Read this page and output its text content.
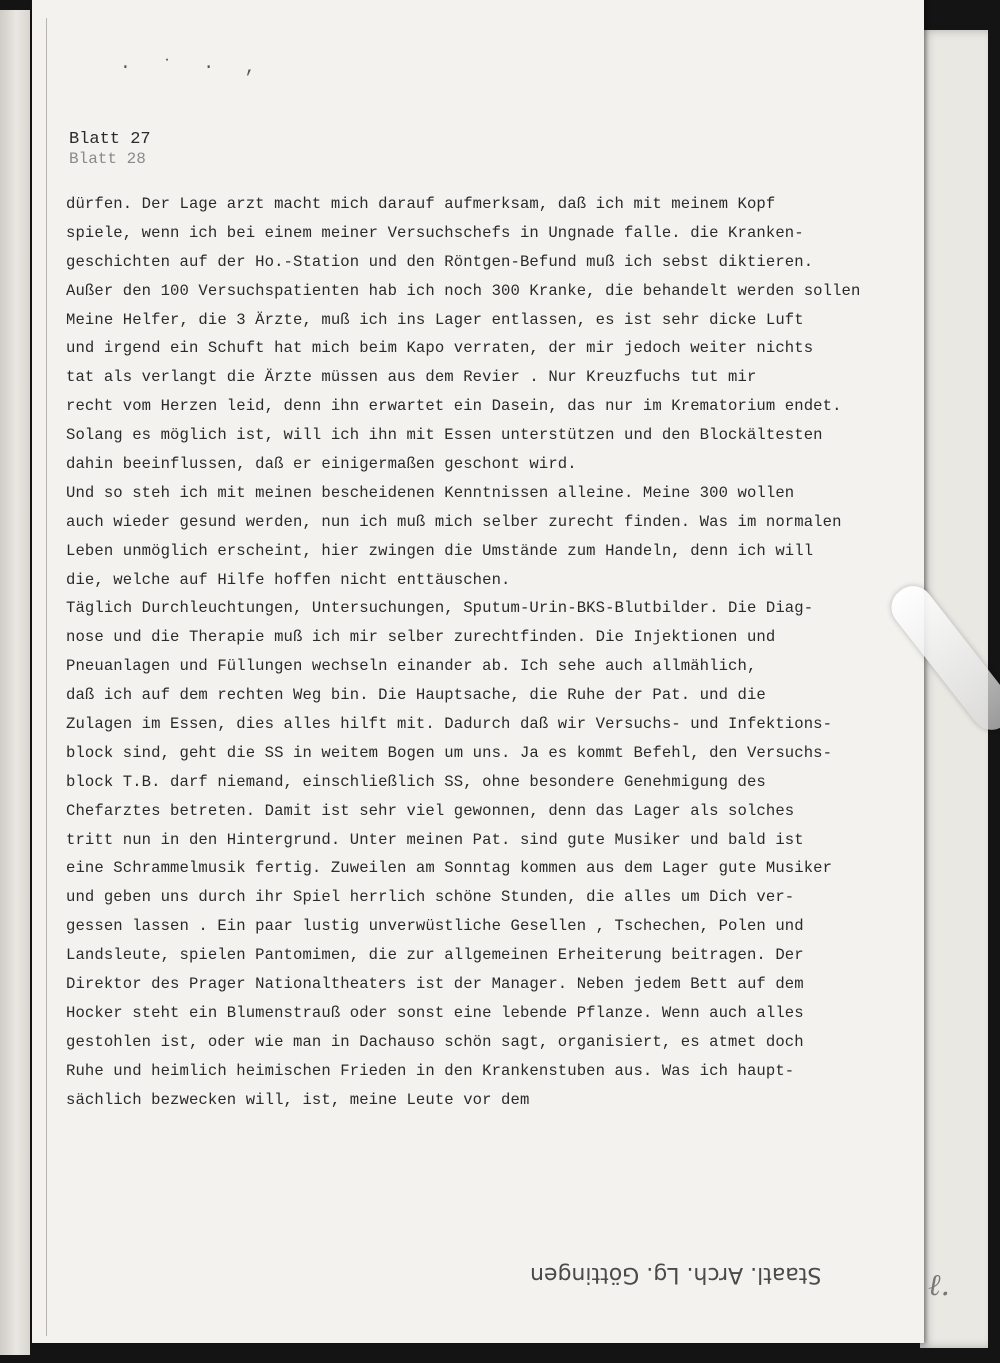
· ˙ · ,
Blatt 27
Blatt 28
dürfen. Der Lage arzt macht mich darauf aufmerksam, daß ich mit meinem Kopf
spiele, wenn ich bei einem meiner Versuchschefs in Ungnade falle. die Kranken-
geschichten auf der Ho.-Station und den Röntgen-Befund muß ich sebst diktieren.
Außer den 100 Versuchspatienten hab ich noch 300 Kranke, die behandelt werden sollen
Meine Helfer, die 3 Ärzte, muß ich ins Lager entlassen, es ist sehr dicke Luft
und irgend ein Schuft hat mich beim Kapo verraten, der mir jedoch weiter nichts
tat als verlangt die Ärzte müssen aus dem Revier . Nur Kreuzfuchs tut mir
recht vom Herzen leid, denn ihn erwartet ein Dasein, das nur im Krematorium endet.
Solang es möglich ist, will ich ihn mit Essen unterstützen und den Blockältesten
dahin beeinflussen, daß er einigermaßen geschont wird.
Und so steh ich mit meinen bescheidenen Kenntnissen alleine. Meine 300 wollen
auch wieder gesund werden, nun ich muß mich selber zurecht finden. Was im normalen
Leben unmöglich erscheint, hier zwingen die Umstände zum Handeln, denn ich will
die, welche auf Hilfe hoffen nicht enttäuschen.
Täglich Durchleuchtungen, Untersuchungen, Sputum-Urin-BKS-Blutbilder. Die Diag-
nose und die Therapie muß ich mir selber zurechtfinden. Die Injektionen und
Pneuanlagen und Füllungen wechseln einander ab. Ich sehe auch allmählich,
daß ich auf dem rechten Weg bin. Die Hauptsache, die Ruhe der Pat. und die
Zulagen im Essen, dies alles hilft mit. Dadurch daß wir Versuchs- und Infektions-
block sind, geht die SS in weitem Bogen um uns. Ja es kommt Befehl, den Versuchs-
block T.B. darf niemand, einschließlich SS, ohne besondere Genehmigung des
Chefarztes betreten. Damit ist sehr viel gewonnen, denn das Lager als solches
tritt nun in den Hintergrund. Unter meinen Pat. sind gute Musiker und bald ist
eine Schrammelmusik fertig. Zuweilen am Sonntag kommen aus dem Lager gute Musiker
und geben uns durch ihr Spiel herrlich schöne Stunden, die alles um Dich ver-
gessen lassen . Ein paar lustig unverwüstliche Gesellen , Tschechen, Polen und
Landsleute, spielen Pantomimen, die zur allgemeinen Erheiterung beitragen. Der
Direktor des Prager Nationaltheaters ist der Manager. Neben jedem Bett auf dem
Hocker steht ein Blumenstrauß oder sonst eine lebende Pflanze. Wenn auch alles
gestohlen ist, oder wie man in Dachauso schön sagt, organisiert, es atmet doch
Ruhe und heimlich heimischen Frieden in den Krankenstuben aus. Was ich haupt-
sächlich bezwecken will, ist, meine Leute vor dem
Staatl. Arch. Lg. Göttingen	ℓ.
